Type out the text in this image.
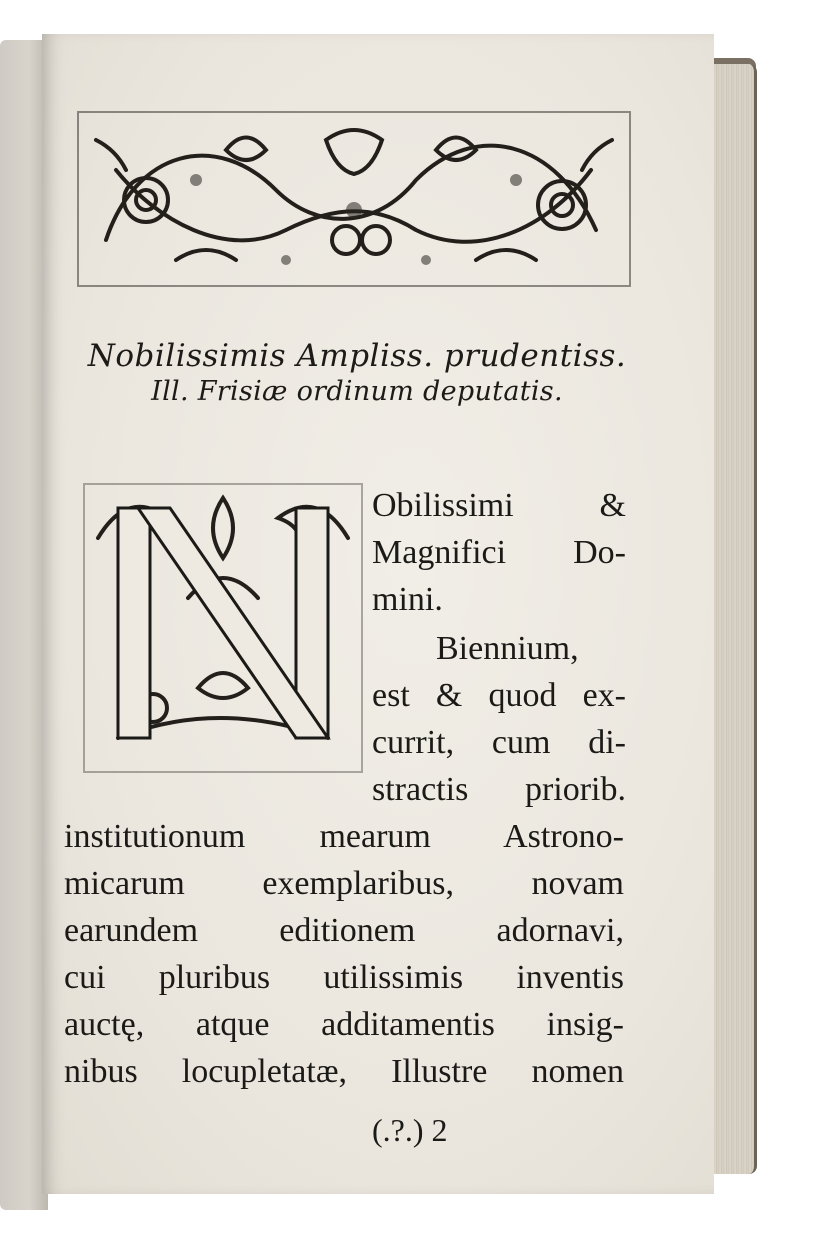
Nobilissimis Ampliss. prudentiss.
Ill. Frisiæ ordinum deputatis.
Obilissimi &
Magnifici Do-
mini.
Biennium,
est & quod ex-
currit, cum di-
stractis priorib.
institutionum mearum Astrono-
micarum exemplaribus, novam
earundem editionem adornavi,
cui pluribus utilissimis inventis
auctę, atque additamentis insig-
nibus locupletatæ, Illustre nomen
(.?.) 2
